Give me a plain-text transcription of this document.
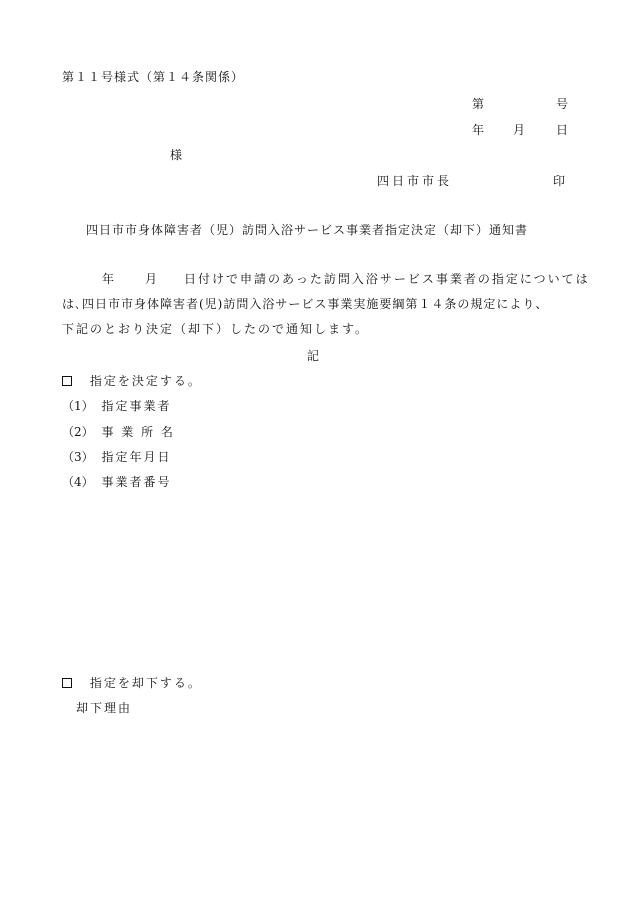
第１１号様式（第１４条関係）
第	号
年 月	日
様
四日市市長	印
四日市市身体障害者（児）訪問入浴サービス事業者指定決定（却下）通知書
年	月 日付けで申請のあった訪問入浴サービス事業者の指定については
は､四日市市身体障害者(児)訪問入浴サービス事業実施要綱第１４条の規定により、
下記のとおり決定（却下）したので通知します。
記
指定を決定する。
（1） 指定事業者
（2） 事 業 所 名
（3） 指定年月日
（4） 事業者番号
指定を却下する。
却下理由
